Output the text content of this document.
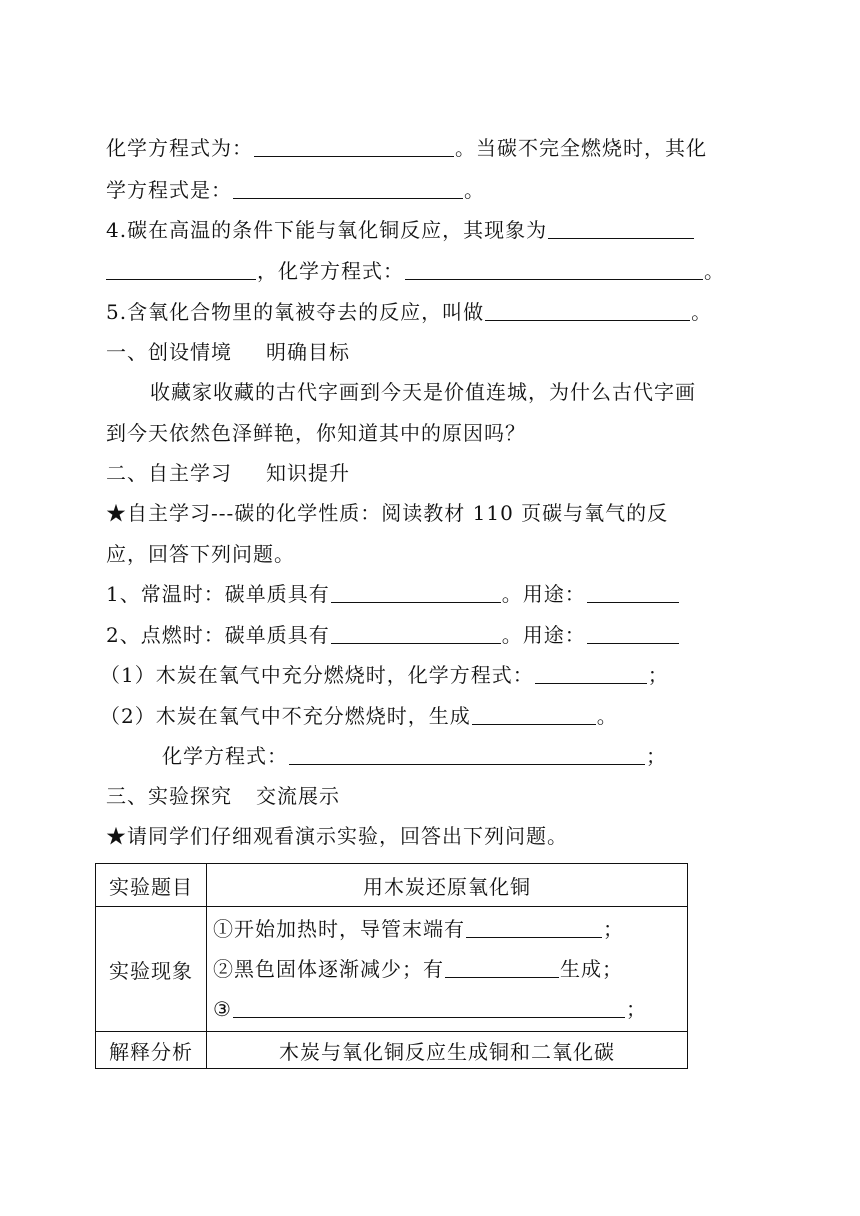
化学方程式为：	。当碳不完全燃烧时，其化
学方程式是：	。
4.碳在高温的条件下能与氧化铜反应，其现象为
，化学方程式：	。
5.含氧化合物里的氧被夺去的反应，叫做	。
一、创设情境 明确目标
收藏家收藏的古代字画到今天是价值连城，为什么古代字画
到今天依然色泽鲜艳，你知道其中的原因吗？
二、自主学习 知识提升
★自主学习---碳的化学性质：阅读教材 110 页碳与氧气的反
应，回答下列问题。
1、常温时：碳单质具有	。用途：
2、点燃时：碳单质具有	。用途：
（1）木炭在氧气中充分燃烧时，化学方程式：	；
（2）木炭在氧气中不充分燃烧时，生成	。
化学方程式：	；
三、实验探究 交流展示
★请同学们仔细观看演示实验，回答出下列问题。
实验题目	用木炭还原氧化铜
实验现象	①开始加热时，导管末端有 ；
②黑色固体逐渐减少；有 生成；
③ ；

解释分析	木炭与氧化铜反应生成铜和二氧化碳
